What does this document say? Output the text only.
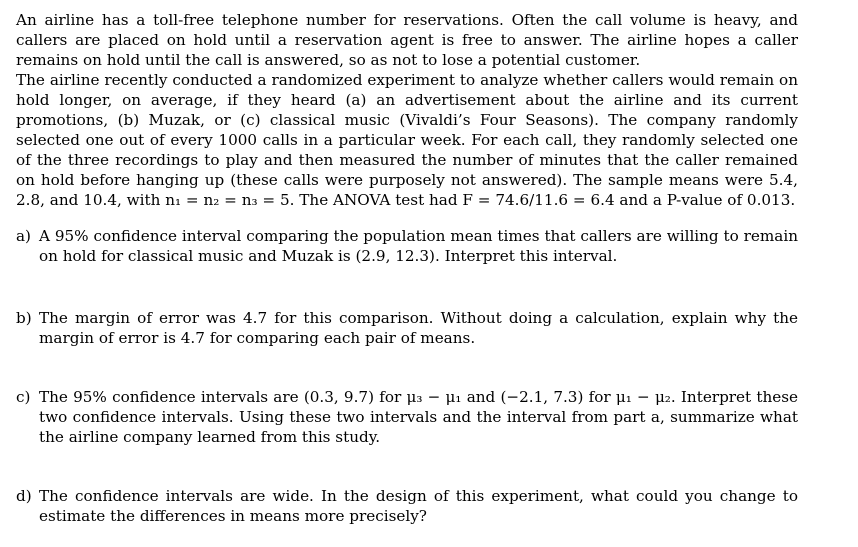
An airline has a toll-free telephone number for reservations. Often the call volume is heavy, and callers are placed on hold until a reservation agent is free to answer. The airline hopes a caller remains on hold until the call is answered, so as not to lose a potential customer.

The airline recently conducted a randomized experiment to analyze whether callers would remain on hold longer, on average, if they heard (a) an advertisement about the airline and its current promotions, (b) Muzak, or (c) classical music (Vivaldi’s Four Seasons). The company randomly selected one out of every 1000 calls in a particular week. For each call, they randomly selected one of the three recordings to play and then measured the number of minutes that the caller remained on hold before hanging up (these calls were purposely not answered). The sample means were 5.4, 2.8, and 10.4, with n₁ = n₂ = n₃ = 5. The ANOVA test had F = 74.6/11.6 = 6.4 and a P-value of 0.013.

a) A 95% confidence interval comparing the population mean times that callers are willing to remain on hold for classical music and Muzak is (2.9, 12.3). Interpret this interval.
b) The margin of error was 4.7 for this comparison. Without doing a calculation, explain why the margin of error is 4.7 for comparing each pair of means.
c) The 95% confidence intervals are (0.3, 9.7) for μ₃ − μ₁ and (−2.1, 7.3) for μ₁ − μ₂. Interpret these two confidence intervals. Using these two intervals and the interval from part a, summarize what the airline company learned from this study.
d) The confidence intervals are wide. In the design of this experiment, what could you change to estimate the differences in means more precisely?
